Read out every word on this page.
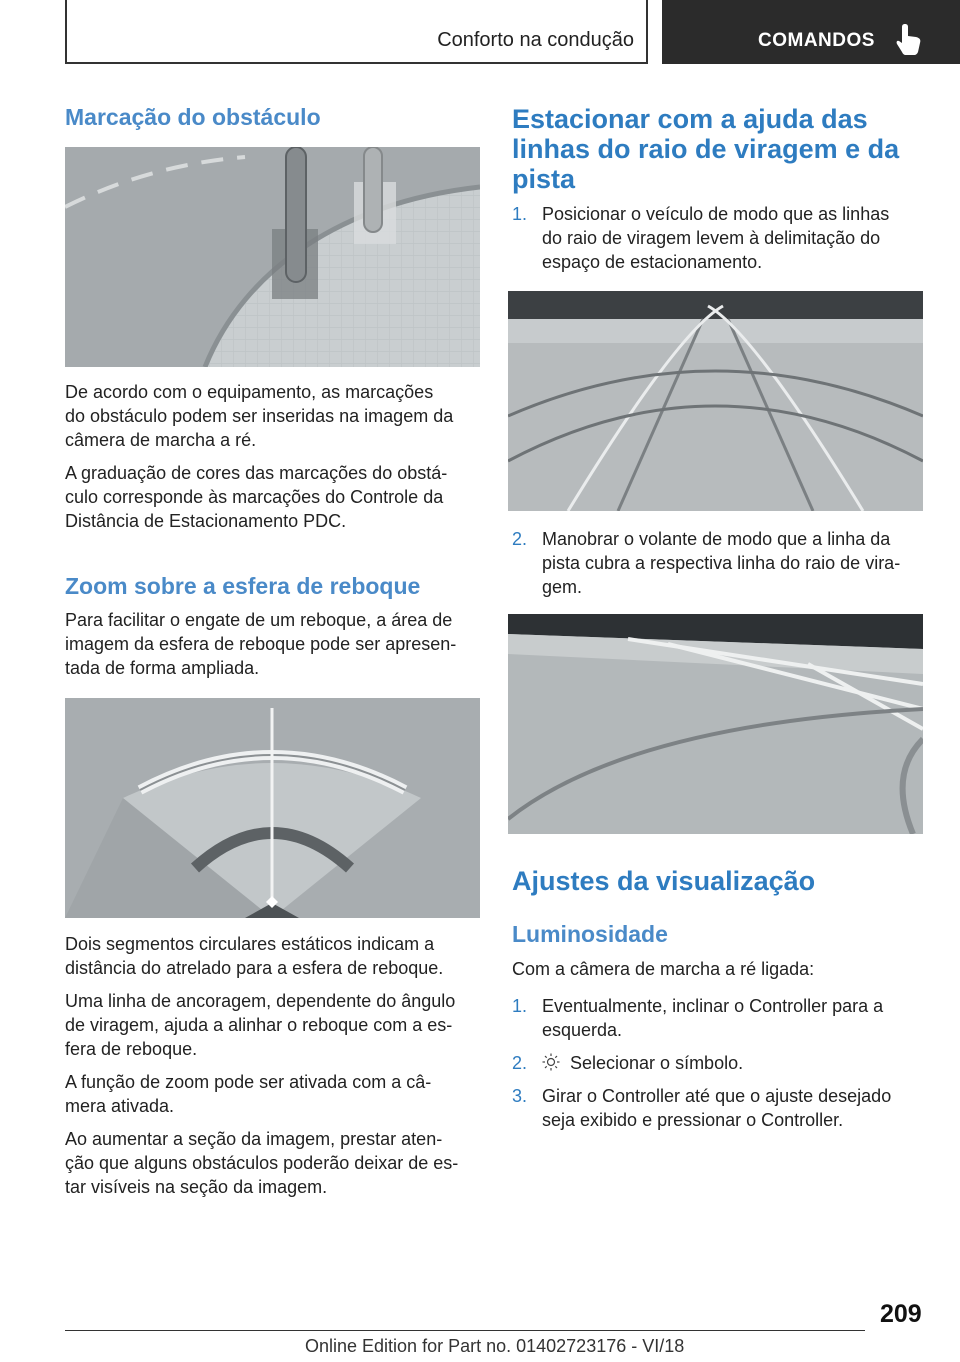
Conforto na condução	COMANDOS
Marcação do obstáculo

De acordo com o equipamento, as marcações
do obstáculo podem ser inseridas na imagem da
câmera de marcha a ré.

A graduação de cores das marcações do obstá-
culo corresponde às marcações do Controle da
Distância de Estacionamento PDC.

Zoom sobre a esfera de reboque

Para facilitar o engate de um reboque, a área de
imagem da esfera de reboque pode ser apresen-
tada de forma ampliada.

Dois segmentos circulares estáticos indicam a
distância do atrelado para a esfera de reboque.

Uma linha de ancoragem, dependente do ângulo
de viragem, ajuda a alinhar o reboque com a es-
fera de reboque.

A função de zoom pode ser ativada com a câ-
mera ativada.

Ao aumentar a seção da imagem, prestar aten-
ção que alguns obstáculos poderão deixar de es-
tar visíveis na seção da imagem.

Estacionar com a ajuda das
linhas do raio de viragem e da
pista
1. Posicionar o veículo de modo que as linhas
do raio de viragem levem à delimitação do
espaço de estacionamento.
2. Manobrar o volante de modo que a linha da
pista cubra a respectiva linha do raio de vira-
gem.
Ajustes da visualização
Luminosidade

Com a câmera de marcha a ré ligada:

1. Eventualmente, inclinar o Controller para a
esquerda.
2.	Selecionar o símbolo.
3. Girar o Controller até que o ajuste desejado
seja exibido e pressionar o Controller.
209
Online Edition for Part no. 01402723176 - VI/18
